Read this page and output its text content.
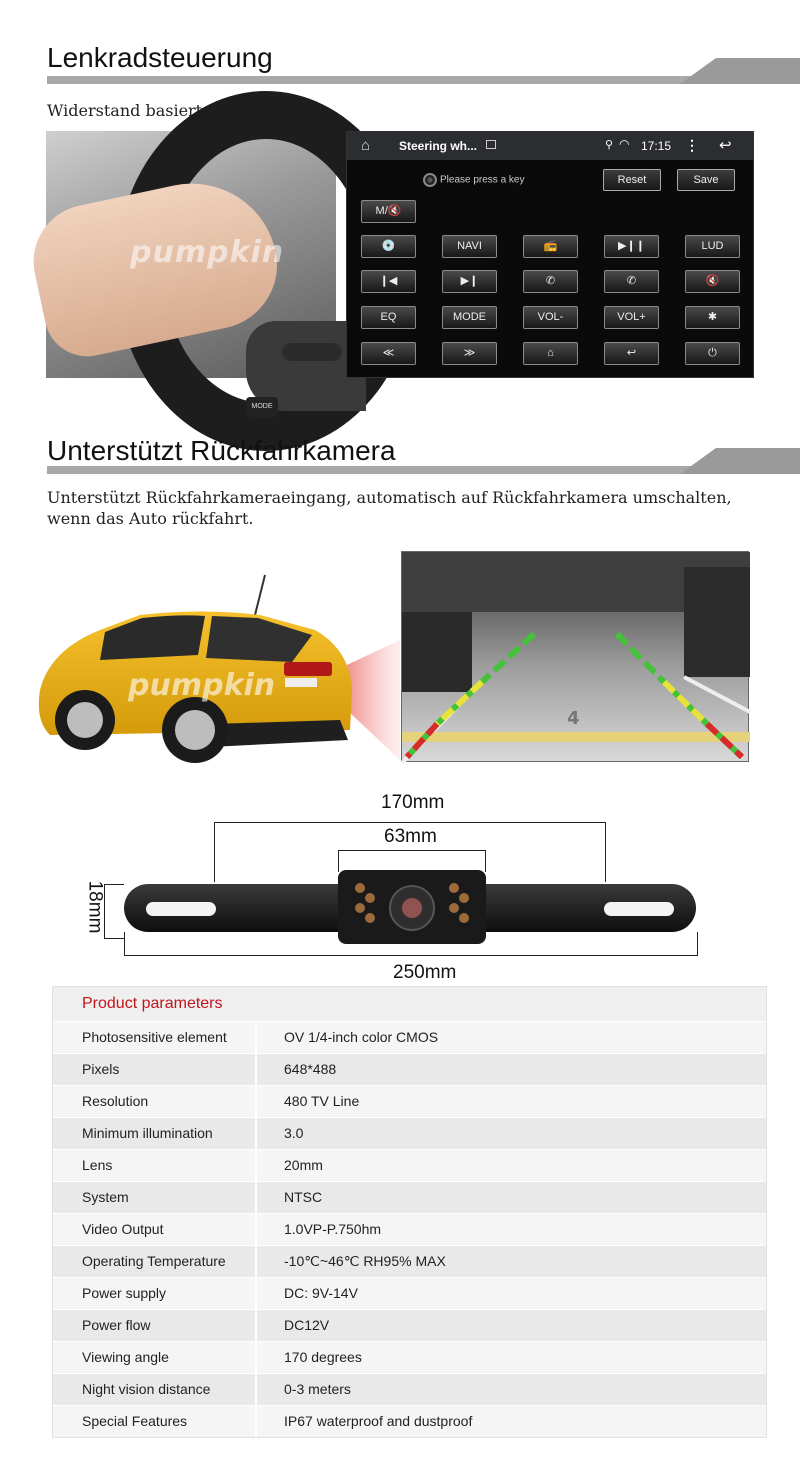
Lenkradsteuerung
Widerstand basiert nur Analog-Typ.
MODE
pumpkin
⌂ Steering wh...	⚲ ◠ 17:15 ⋮ ↩
Please press a key	Reset	Save
M/🔇
💿	NAVI	📻	▶❙❙	LUD
❙◀	▶❙	✆	✆	🔇
EQ	MODE	VOL-	VOL+	✱
≪	≫	⌂	↩	⏻
Unterstützt Rückfahrkamera
Unterstützt Rückfahrkameraeingang, automatisch auf Rückfahrkamera umschalten,
wenn das Auto rückfahrt.
pumpkin
4
170mm
63mm
18mm
250mm
Product parameters
Photosensitive element	OV 1/4-inch color CMOS
Pixels	648*488
Resolution	480 TV Line
Minimum illumination	3.0
Lens	20mm
System	NTSC
Video Output	1.0VP-P.750hm
Operating Temperature	-10℃~46℃ RH95% MAX
Power supply	DC: 9V-14V
Power flow	DC12V
Viewing angle	170 degrees
Night vision distance	0-3 meters
Special Features	IP67 waterproof and dustproof
